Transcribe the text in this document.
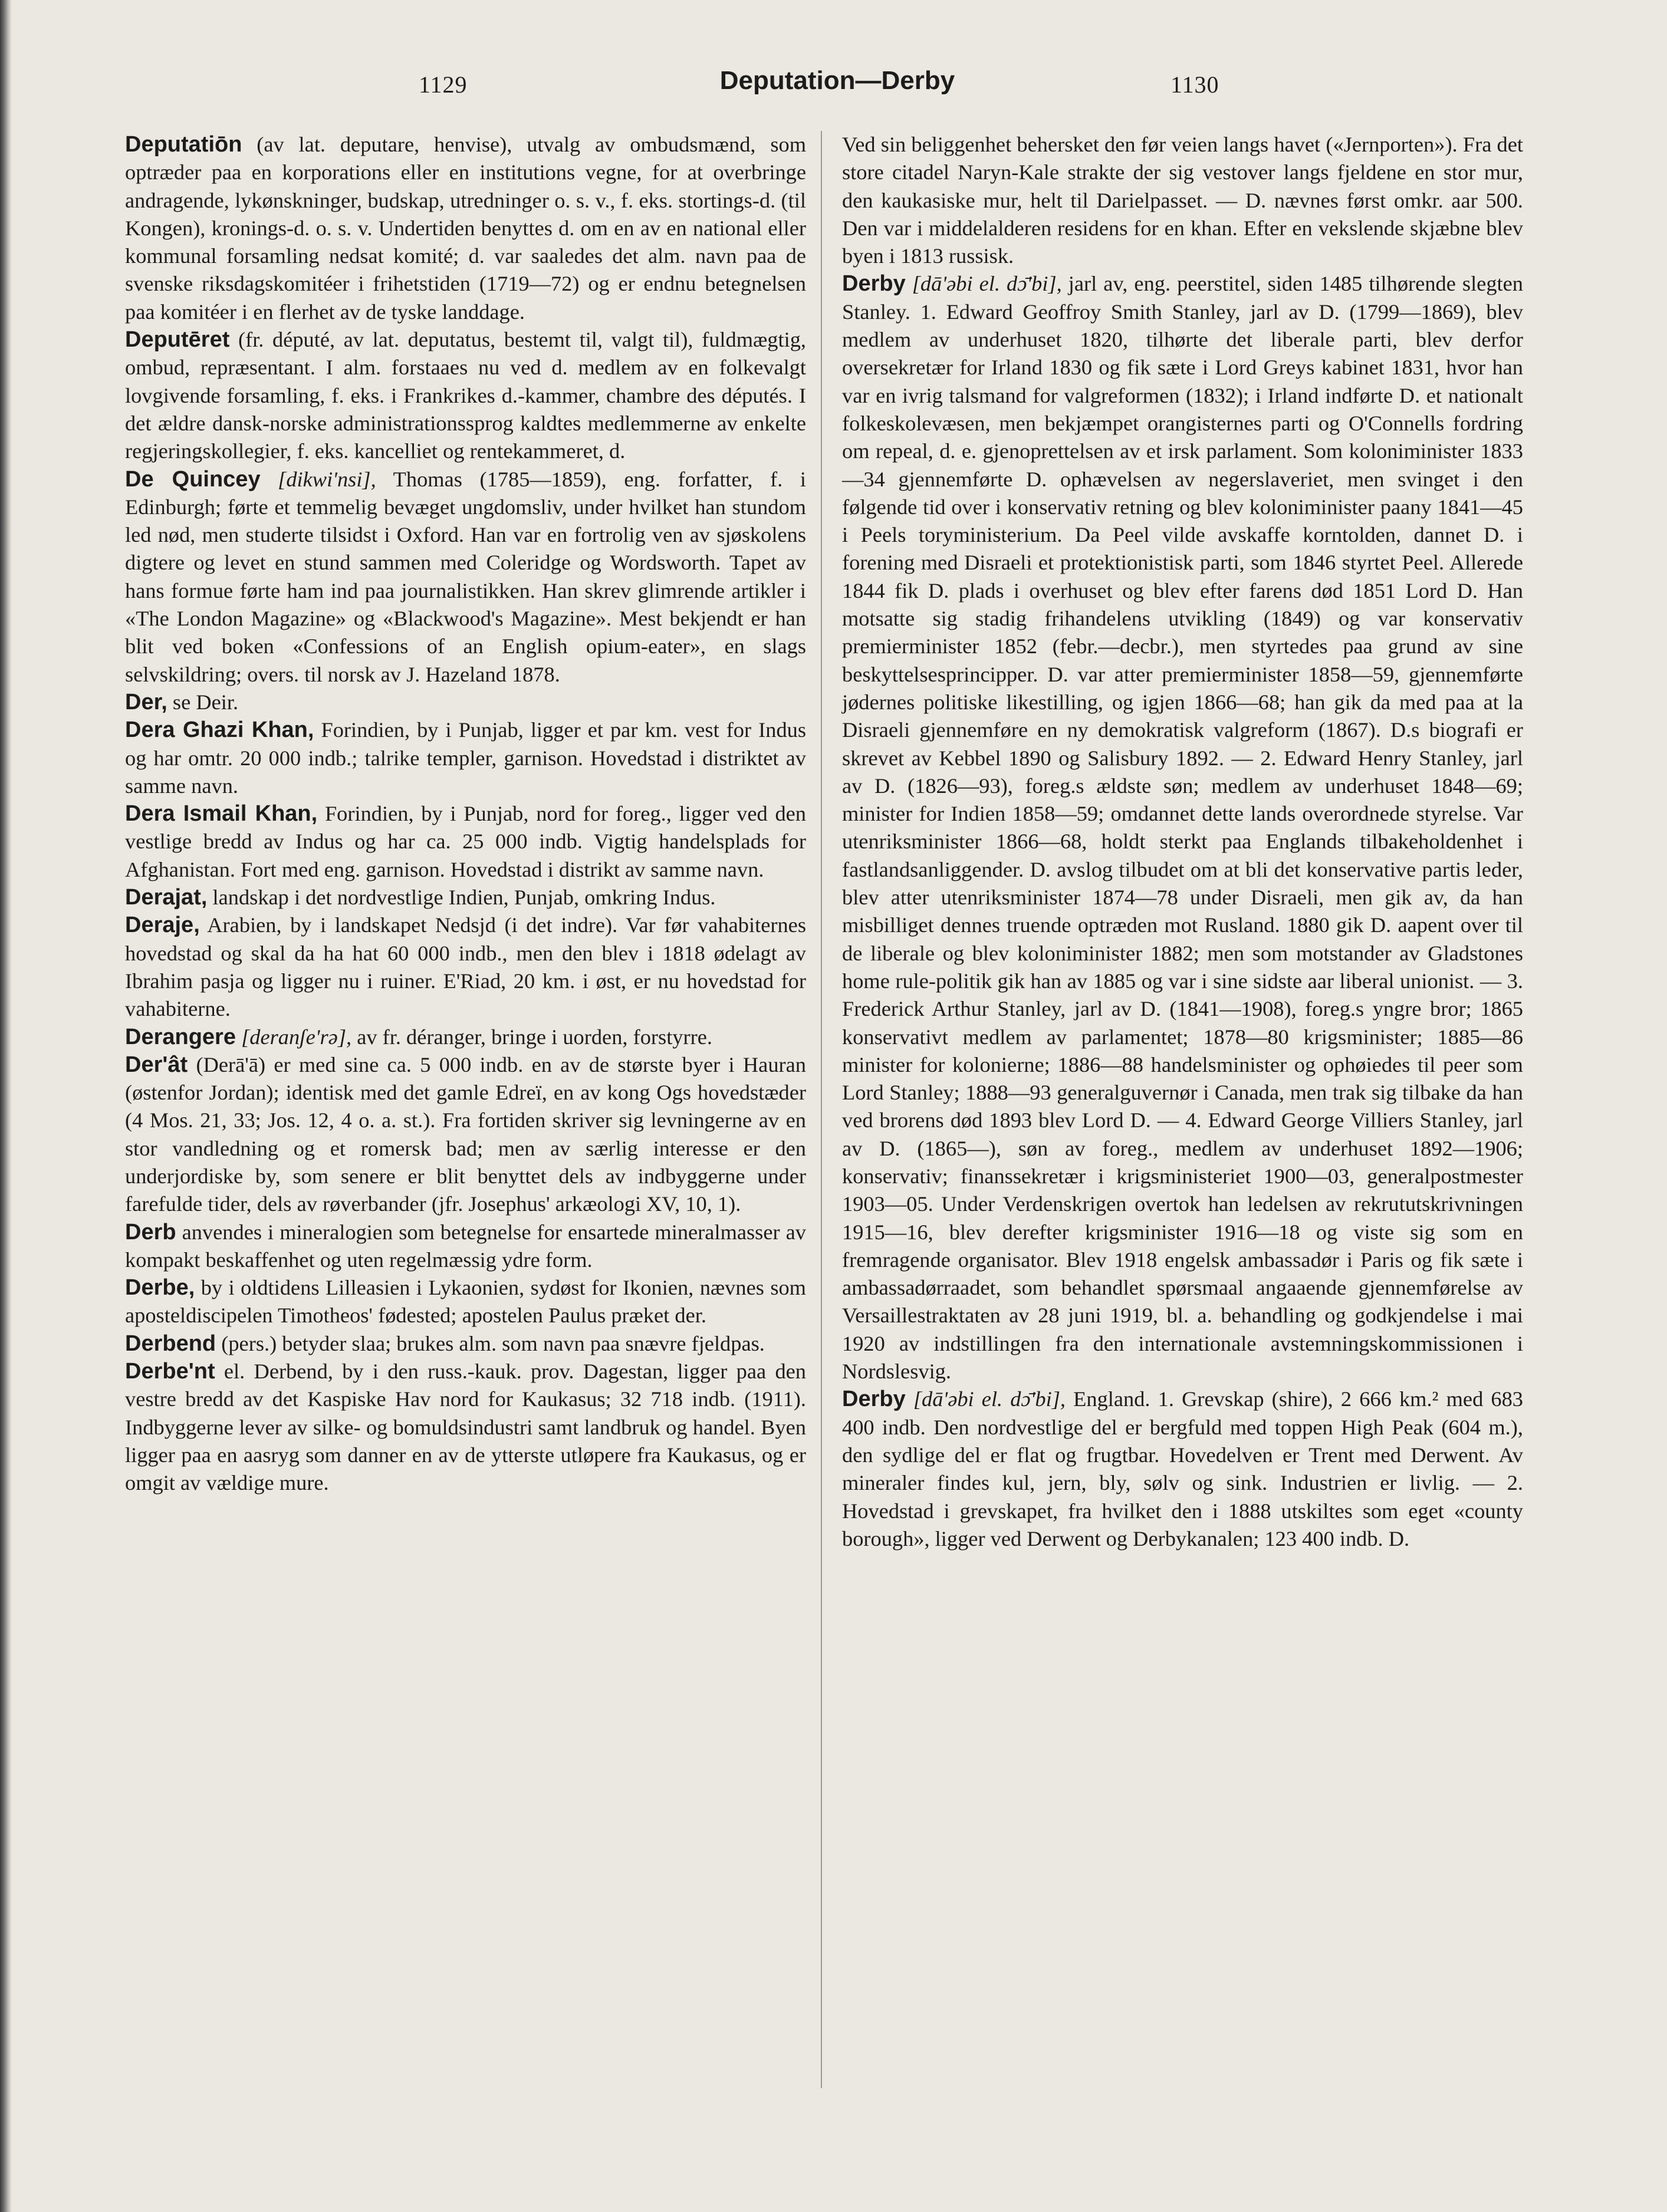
1129	Deputation—Derby	1130

Deputatiōn (av lat. deputare, henvise), utvalg av ombudsmænd, som optræder paa en korporations eller en institutions vegne, for at overbringe andragende, lykønskninger, budskap, utredninger o. s. v., f. eks. stortings-d. (til Kongen), kronings-d. o. s. v. Undertiden benyttes d. om en av en national eller kommunal forsamling nedsat komité; d. var saaledes det alm. navn paa de svenske riksdagskomitéer i frihetstiden (1719—72) og er endnu betegnelsen paa komitéer i en flerhet av de tyske landdage.

Deputēret (fr. député, av lat. deputatus, bestemt til, valgt til), fuldmægtig, ombud, repræsentant. I alm. forstaaes nu ved d. medlem av en folkevalgt lovgivende forsamling, f. eks. i Frankrikes d.-kammer, chambre des députés. I det ældre dansk-norske administrationssprog kaldtes medlemmerne av enkelte regjeringskollegier, f. eks. kancelliet og rentekammeret, d.

De Quincey [dikwi'nsi], Thomas (1785—1859), eng. forfatter, f. i Edinburgh; førte et temmelig bevæget ungdomsliv, under hvilket han stundom led nød, men studerte tilsidst i Oxford. Han var en fortrolig ven av sjøskolens digtere og levet en stund sammen med Coleridge og Wordsworth. Tapet av hans formue førte ham ind paa journalistikken. Han skrev glimrende artikler i «The London Magazine» og «Blackwood's Magazine». Mest bekjendt er han blit ved boken «Confessions of an English opium-eater», en slags selvskildring; overs. til norsk av J. Hazeland 1878.

Der, se Deir.

Dera Ghazi Khan, Forindien, by i Punjab, ligger et par km. vest for Indus og har omtr. 20 000 indb.; talrike templer, garnison. Hovedstad i distriktet av samme navn.

Dera Ismail Khan, Forindien, by i Punjab, nord for foreg., ligger ved den vestlige bredd av Indus og har ca. 25 000 indb. Vigtig handelsplads for Afghanistan. Fort med eng. garnison. Hovedstad i distrikt av samme navn.

Derajat, landskap i det nordvestlige Indien, Punjab, omkring Indus.

Deraje, Arabien, by i landskapet Nedsjd (i det indre). Var før vahabiternes hovedstad og skal da ha hat 60 000 indb., men den blev i 1818 ødelagt av Ibrahim pasja og ligger nu i ruiner. E'Riad, 20 km. i øst, er nu hovedstad for vahabiterne.

Derangere [deranʃe'rə], av fr. déranger, bringe i uorden, forstyrre.

Der'ât (Derā'ā) er med sine ca. 5 000 indb. en av de største byer i Hauran (østenfor Jordan); identisk med det gamle Edreï, en av kong Ogs hovedstæder (4 Mos. 21, 33; Jos. 12, 4 o. a. st.). Fra fortiden skriver sig levningerne av en stor vandledning og et romersk bad; men av særlig interesse er den underjordiske by, som senere er blit benyttet dels av indbyggerne under farefulde tider, dels av røverbander (jfr. Josephus' arkæologi XV, 10, 1).

Derb anvendes i mineralogien som betegnelse for ensartede mineralmasser av kompakt beskaffenhet og uten regelmæssig ydre form.

Derbe, by i oldtidens Lilleasien i Lykaonien, sydøst for Ikonien, nævnes som aposteldiscipelen Timotheos' fødested; apostelen Paulus præket der.

Derbend (pers.) betyder slaa; brukes alm. som navn paa snævre fjeldpas.

Derbe'nt el. Derbend, by i den russ.-kauk. prov. Dagestan, ligger paa den vestre bredd av det Kaspiske Hav nord for Kaukasus; 32 718 indb. (1911). Indbyggerne lever av silke- og bomuldsindustri samt landbruk og handel. Byen ligger paa en aasryg som danner en av de ytterste utløpere fra Kaukasus, og er omgit av vældige mure.

Ved sin beliggenhet behersket den før veien langs havet («Jernporten»). Fra det store citadel Naryn-Kale strakte der sig vestover langs fjeldene en stor mur, den kaukasiske mur, helt til Darielpasset. — D. nævnes først omkr. aar 500. Den var i middelalderen residens for en khan. Efter en vekslende skjæbne blev byen i 1813 russisk.

Derby [dā'əbi el. dɔ̄'bi], jarl av, eng. peerstitel, siden 1485 tilhørende slegten Stanley. 1. Edward Geoffroy Smith Stanley, jarl av D. (1799—1869), blev medlem av underhuset 1820, tilhørte det liberale parti, blev derfor oversekretær for Irland 1830 og fik sæte i Lord Greys kabinet 1831, hvor han var en ivrig talsmand for valgreformen (1832); i Irland indførte D. et nationalt folkeskolevæsen, men bekjæmpet orangisternes parti og O'Connells fordring om repeal, d. e. gjenoprettelsen av et irsk parlament. Som koloniminister 1833—34 gjennemførte D. ophævelsen av negerslaveriet, men svinget i den følgende tid over i konservativ retning og blev koloniminister paany 1841—45 i Peels toryministerium. Da Peel vilde avskaffe korntolden, dannet D. i forening med Disraeli et protektionistisk parti, som 1846 styrtet Peel. Allerede 1844 fik D. plads i overhuset og blev efter farens død 1851 Lord D. Han motsatte sig stadig frihandelens utvikling (1849) og var konservativ premierminister 1852 (febr.—decbr.), men styrtedes paa grund av sine beskyttelsesprincipper. D. var atter premierminister 1858—59, gjennemførte jødernes politiske likestilling, og igjen 1866—68; han gik da med paa at la Disraeli gjennemføre en ny demokratisk valgreform (1867). D.s biografi er skrevet av Kebbel 1890 og Salisbury 1892. — 2. Edward Henry Stanley, jarl av D. (1826—93), foreg.s ældste søn; medlem av underhuset 1848—69; minister for Indien 1858—59; omdannet dette lands overordnede styrelse. Var utenriksminister 1866—68, holdt sterkt paa Englands tilbakeholdenhet i fastlandsanliggender. D. avslog tilbudet om at bli det konservative partis leder, blev atter utenriksminister 1874—78 under Disraeli, men gik av, da han misbilliget dennes truende optræden mot Rusland. 1880 gik D. aapent over til de liberale og blev koloniminister 1882; men som motstander av Gladstones home rule-politik gik han av 1885 og var i sine sidste aar liberal unionist. — 3. Frederick Arthur Stanley, jarl av D. (1841—1908), foreg.s yngre bror; 1865 konservativt medlem av parlamentet; 1878—80 krigsminister; 1885—86 minister for kolonierne; 1886—88 handelsminister og ophøiedes til peer som Lord Stanley; 1888—93 generalguvernør i Canada, men trak sig tilbake da han ved brorens død 1893 blev Lord D. — 4. Edward George Villiers Stanley, jarl av D. (1865—), søn av foreg., medlem av underhuset 1892—1906; konservativ; finanssekretær i krigsministeriet 1900—03, generalpostmester 1903—05. Under Verdenskrigen overtok han ledelsen av rekrututskrivningen 1915—16, blev derefter krigsminister 1916—18 og viste sig som en fremragende organisator. Blev 1918 engelsk ambassadør i Paris og fik sæte i ambassadørraadet, som behandlet spørsmaal angaaende gjennemførelse av Versaillestraktaten av 28 juni 1919, bl. a. behandling og godkjendelse i mai 1920 av indstillingen fra den internationale avstemningskommissionen i Nordslesvig.

Derby [dā'əbi el. dɔ̄'bi], England. 1. Grevskap (shire), 2 666 km.² med 683 400 indb. Den nordvestlige del er bergfuld med toppen High Peak (604 m.), den sydlige del er flat og frugtbar. Hovedelven er Trent med Derwent. Av mineraler findes kul, jern, bly, sølv og sink. Industrien er livlig. — 2. Hovedstad i grevskapet, fra hvilket den i 1888 utskiltes som eget «county borough», ligger ved Derwent og Derbykanalen; 123 400 indb. D.
